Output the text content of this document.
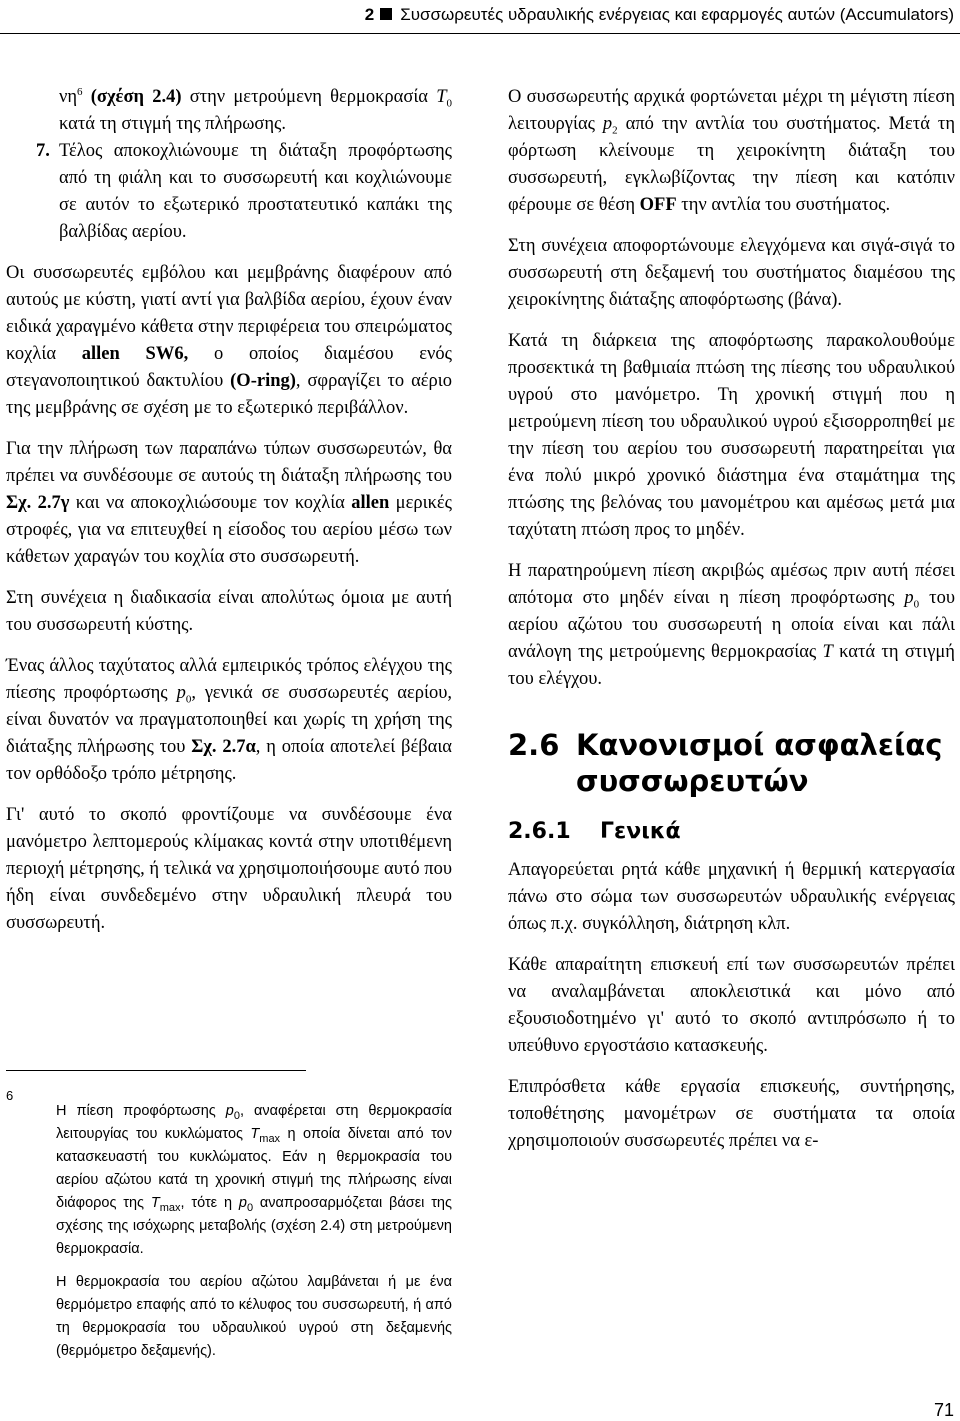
2 Συσσωρευτές υδραυλικής ενέργειας και εφαρμογές αυτών (Accumulators)
$\nu\eta^6$ (σχέση 2.4) στην μετρούμενη θερμοκρασία $T_0$ κατά τη στιγμή της πλήρωσης.
7. Τέλος αποκοχλιώνουμε τη διάταξη προφόρτωσης από τη φιάλη και το συσσωρευτή και κοχλιώνουμε σε αυτόν το εξωτερικό προστατευτικό καπάκι της βαλβίδας αερίου.

Οι συσσωρευτές εμβόλου και μεμβράνης διαφέρουν από αυτούς με κύστη, γιατί αντί για βαλβίδα αερίου, έχουν έναν ειδικά χαραγμένο κάθετα στην περιφέρεια του σπειρώματος κοχλία allen SW6, ο οποίος διαμέσου ενός στεγανοποιητικού δακτυλίου (O-ring), σφραγίζει το αέριο της μεμβράνης σε σχέση με το εξωτερικό περιβάλλον.

Για την πλήρωση των παραπάνω τύπων συσσωρευτών, θα πρέπει να συνδέσουμε σε αυτούς τη διάταξη πλήρωσης του Σχ. 2.7γ και να αποκοχλιώσουμε τον κοχλία allen μερικές στροφές, για να επιτευχθεί η είσοδος του αερίου μέσω των κάθετων χαραγών του κοχλία στο συσσωρευτή.

Στη συνέχεια η διαδικασία είναι απολύτως όμοια με αυτή του συσσωρευτή κύστης.

Ένας άλλος ταχύτατος αλλά εμπειρικός τρόπος ελέγχου της πίεσης προφόρτωσης $p_0$, γενικά σε συσσωρευτές αερίου, είναι δυνατόν να πραγματοποιηθεί και χωρίς τη χρήση της διάταξης πλήρωσης του Σχ. 2.7α, η οποία αποτελεί βέβαια τον ορθόδοξο τρόπο μέτρησης.

Γι' αυτό το σκοπό φροντίζουμε να συνδέσουμε ένα μανόμετρο λεπτομερούς κλίμακας κοντά στην υποτιθέμενη περιοχή μέτρησης, ή τελικά να χρησιμοποιήσουμε αυτό που ήδη είναι συνδεδεμένο στην υδραυλική πλευρά του συσσωρευτή.

6

Η πίεση προφόρτωσης $p_0$, αναφέρεται στη θερμοκρασία λειτουργίας του κυκλώματος $T_{max}$ η οποία δίνεται από τον κατασκευαστή του κυκλώματος. Εάν η θερμοκρασία του αερίου αζώτου κατά τη χρονική στιγμή της πλήρωσης είναι διάφορος της $T_{max}$, τότε η $p_0$ αναπροσαρμόζεται βάσει της σχέσης της ισόχωρης μεταβολής (σχέση 2.4) στη μετρούμενη θερμοκρασία.

Η θερμοκρασία του αερίου αζώτου λαμβάνεται ή με ένα θερμόμετρο επαφής από το κέλυφος του συσσωρευτή, ή από τη θερμοκρασία του υδραυλικού υγρού στη δεξαμενής (θερμόμετρο δεξαμενής).

Ο συσσωρευτής αρχικά φορτώνεται μέχρι τη μέγιστη πίεση λειτουργίας $p_2$ από την αντλία του συστήματος. Μετά τη φόρτωση κλείνουμε τη χειροκίνητη διάταξη του συσσωρευτή, εγκλωβίζοντας την πίεση και κατόπιν φέρουμε σε θέση OFF την αντλία του συστήματος.

Στη συνέχεια αποφορτώνουμε ελεγχόμενα και σιγά-σιγά το συσσωρευτή στη δεξαμενή του συστήματος διαμέσου της χειροκίνητης διάταξης αποφόρτωσης (βάνα).

Κατά τη διάρκεια της αποφόρτωσης παρακολουθούμε προσεκτικά τη βαθμιαία πτώση της πίεσης του υδραυλικού υγρού στο μανόμετρο. Τη χρονική στιγμή που η μετρούμενη πίεση του υδραυλικού υγρού εξισορροπηθεί με την πίεση του αερίου του συσσωρευτή παρατηρείται για ένα πολύ μικρό χρονικό διάστημα ένα σταμάτημα της πτώσης της βελόνας του μανομέτρου και αμέσως μετά μια ταχύτατη πτώση προς το μηδέν.

Η παρατηρούμενη πίεση ακριβώς αμέσως πριν αυτή πέσει απότομα στο μηδέν είναι η πίεση προφόρτωσης $p_0$ του αερίου αζώτου του συσσωρευτή η οποία είναι και πάλι ανάλογη της μετρούμενης θερμοκρασίας T κατά τη στιγμή του ελέγχου.

2.6 Κανονισμοί ασφαλείας συσσωρευτών
2.6.1 Γενικά

Απαγορεύεται ρητά κάθε μηχανική ή θερμική κατεργασία πάνω στο σώμα των συσσωρευτών υδραυλικής ενέργειας όπως π.χ. συγκόλληση, διάτρηση κλπ.

Κάθε απαραίτητη επισκευή επί των συσσωρευτών πρέπει να αναλαμβάνεται αποκλειστικά και μόνο από εξουσιοδοτημένο γι' αυτό το σκοπό αντιπρόσωπο ή το υπεύθυνο εργοστάσιο κατασκευής.

Επιπρόσθετα κάθε εργασία επισκευής, συντήρησης, τοποθέτησης μανομέτρων σε συστήματα τα οποία χρησιμοποιούν συσσωρευτές πρέπει να ε-

71
